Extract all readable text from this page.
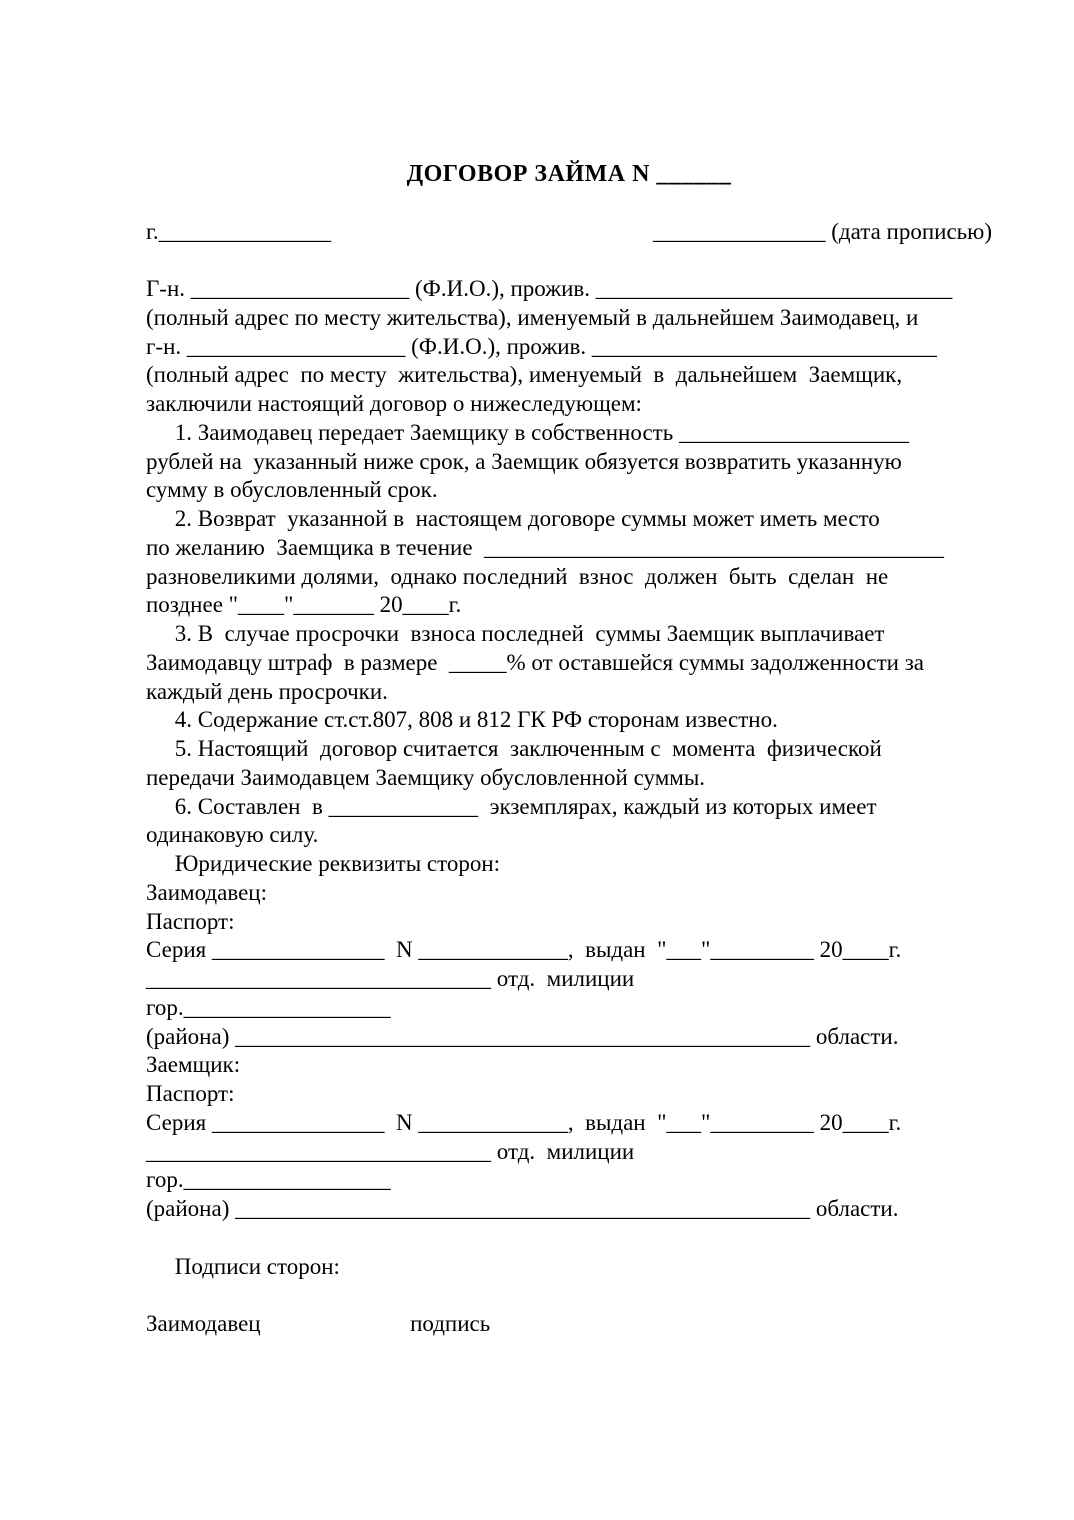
ДОГОВОР ЗАЙМА N ______
г._______________	_______________ (дата прописью)
Г-н. ___________________ (Ф.И.О.), прожив. _______________________________
(полный адрес по месту жительства), именуемый в дальнейшем Заимодавец, и
г-н. ___________________ (Ф.И.О.), прожив. ______________________________
(полный адрес  по месту  жительства), именуемый  в  дальнейшем  Заемщик,
заключили настоящий договор о нижеследующем:
1. Заимодавец передает Заемщику в собственность ____________________
рублей на  указанный ниже срок, а Заемщик обязуется возвратить указанную
сумму в обусловленный срок.
2. Возврат  указанной в  настоящем договоре суммы может иметь место
по желанию  Заемщика в течение  ________________________________________
разновеликими долями,  однако последний  взнос  должен  быть  сделан  не
позднее "____"_______ 20____г.
3. В  случае просрочки  взноса последней  суммы Заемщик выплачивает
Заимодавцу штраф  в размере  _____% от оставшейся суммы задолженности за
каждый день просрочки.
4. Содержание ст.ст.807, 808 и 812 ГК РФ сторонам известно.
5. Настоящий  договор считается  заключенным с  момента  физической
передачи Заимодавцем Заемщику обусловленной суммы.
6. Составлен  в _____________  экземплярах, каждый из которых имеет
одинаковую силу.
Юридические реквизиты сторон:
Заимодавец:
Паспорт:
Серия _______________  N _____________,  выдан  "___"_________ 20____г.
______________________________ отд.  милиции
гор.__________________
(района) __________________________________________________ области.
Заемщик:
Паспорт:
Серия _______________  N _____________,  выдан  "___"_________ 20____г.
______________________________ отд.  милиции
гор.__________________
(района) __________________________________________________ области.

Подписи сторон:

Заимодавец                          подпись
